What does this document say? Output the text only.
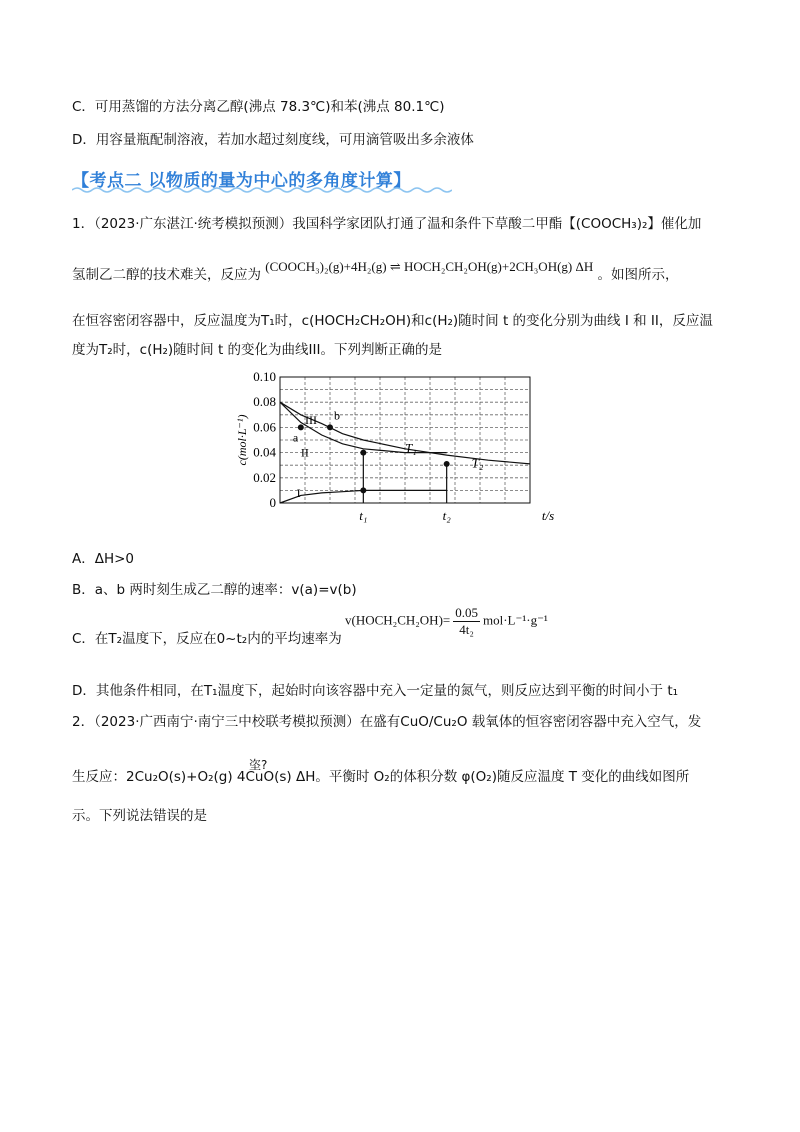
C．可用蒸馏的方法分离乙醇(沸点 78.3℃)和苯(沸点 80.1℃)
D．用容量瓶配制溶液，若加水超过刻度线，可用滴管吸出多余液体
【考点二 以物质的量为中心的多角度计算】
1．（2023·广东湛江·统考模拟预测）我国科学家团队打通了温和条件下草酸二甲酯【(COOCH₃)₂】催化加
氢制乙二醇的技术难关，反应为 (COOCH₃)₂(g)+4H₂(g) ⇌ HOCH₂CH₂OH(g)+2CH₃OH(g) ΔH 。如图所示，
在恒容密闭容器中，反应温度为T₁时，c(HOCH₂CH₂OH)和c(H₂)随时间 t 的变化分别为曲线 I 和 II，反应温
度为T₂时，c(H₂)随时间 t 的变化为曲线III。下列判断正确的是
0
0.02
0.04
0.06
0.08
0.10
c(mol·L⁻¹)
t₁	t₂	t/s
a
b
III
II
I
T₁
T₂
A．ΔH>0
B．a、b 两时刻生成乙二醇的速率：v(a)=v(b)
C．在T₂温度下，反应在0~t₂内的平均速率为
v(HOCH₂CH₂OH)= $\frac{0.05}{\text{4t₂}} mol\cdot L^{-1}\cdot g^{-1}$
D．其他条件相同，在T₁温度下，起始时向该容器中充入一定量的氮气，则反应达到平衡的时间小于 t₁
2．（2023·广西南宁·南宁三中校联考模拟预测）在盛有CuO/Cu₂O 载氧体的恒容密闭容器中充入空气，发
生反应：2Cu₂O(s)+O₂(g) 4CuO(s) ΔH。平衡时 O₂的体积分数 φ(O₂)随反应温度 T 变化的曲线如图所
垐?
示。下列说法错误的是
